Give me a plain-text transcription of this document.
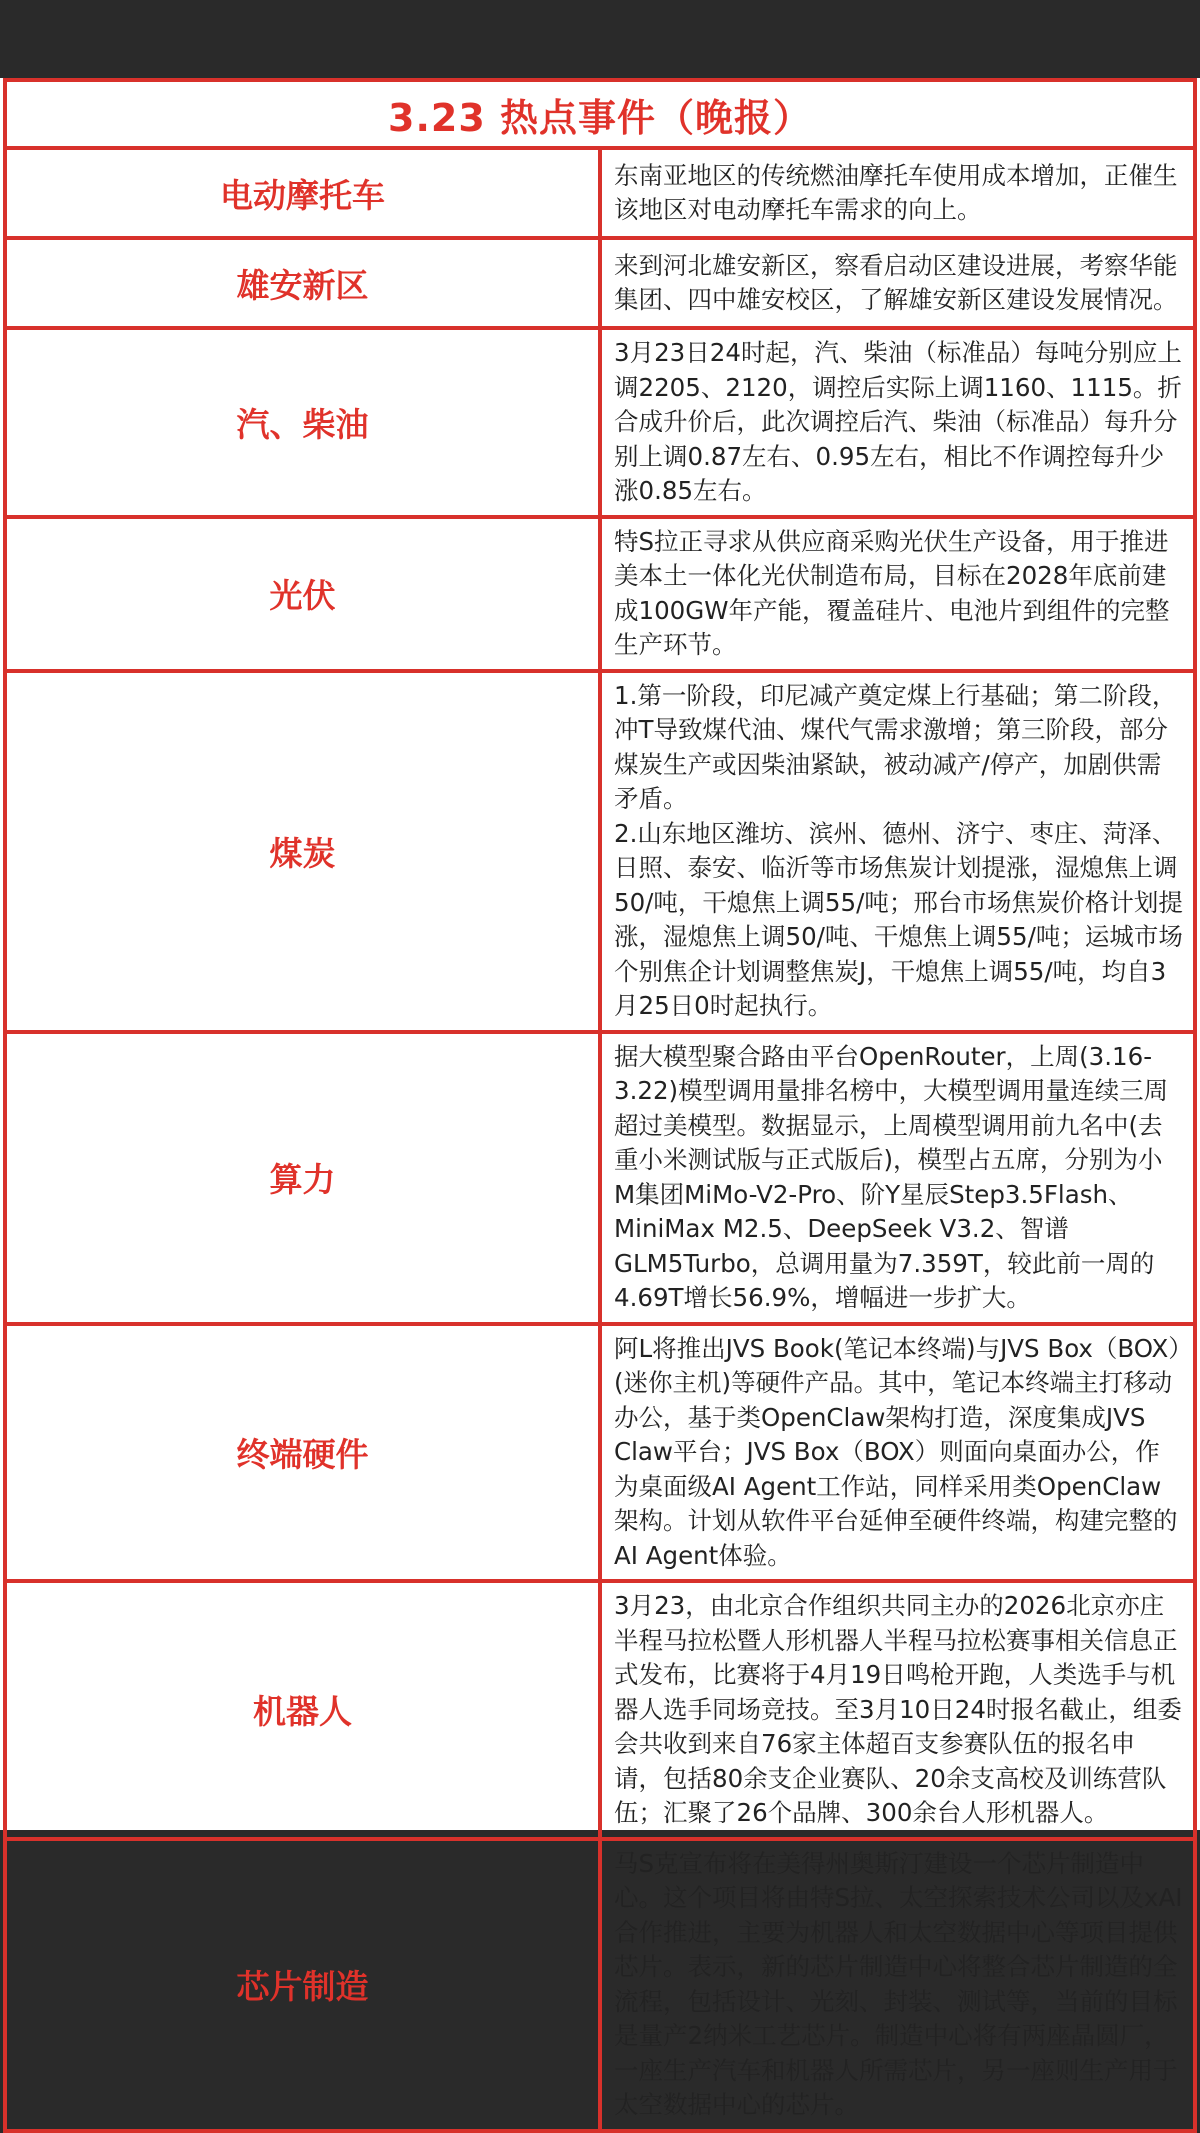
3.23 热点事件（晚报）	
电动摩托车	东南亚地区的传统燃油摩托车使用成本增加，正催生该地区对电动摩托车需求的向上。

雄安新区	来到河北雄安新区，察看启动区建设进展，考察华能集团、四中雄安校区，了解雄安新区建设发展情况。

汽、柴油	3月23日24时起，汽、柴油（标准品）每吨分别应上调2205、2120，调控后实际上调1160、1115。折合成升价后，此次调控后汽、柴油（标准品）每升分别上调0.87左右、0.95左右，相比不作调控每升少涨0.85左右。

光伏	特S拉正寻求从供应商采购光伏生产设备，用于推进美本土一体化光伏制造布局，目标在2028年底前建成100GW年产能，覆盖硅片、电池片到组件的完整生产环节。

煤炭	1.第一阶段，印尼减产奠定煤上行基础；第二阶段，冲T导致煤代油、煤代气需求激增；第三阶段，部分煤炭生产或因柴油紧缺，被动减产/停产，加剧供需矛盾。

2.山东地区潍坊、滨州、德州、济宁、枣庄、菏泽、日照、泰安、临沂等市场焦炭计划提涨，湿熄焦上调50/吨，干熄焦上调55/吨；邢台市场焦炭价格计划提涨，湿熄焦上调50/吨、干熄焦上调55/吨；运城市场个别焦企计划调整焦炭J，干熄焦上调55/吨，均自3月25日0时起执行。

算力	据大模型聚合路由平台OpenRouter，上周(3.16-3.22)模型调用量排名榜中，大模型调用量连续三周超过美模型。数据显示，上周模型调用前九名中(去重小米测试版与正式版后)，模型占五席，分别为小M集团MiMo-V2-Pro、阶Y星辰Step3.5Flash、MiniMax M2.5、DeepSeek V3.2、智谱GLM5Turbo，总调用量为7.359T，较此前一周的4.69T增长56.9%，增幅进一步扩大。

终端硬件	阿L将推出JVS Book(笔记本终端)与JVS Box（BOX）(迷你主机)等硬件产品。其中，笔记本终端主打移动办公，基于类OpenClaw架构打造，深度集成JVS Claw平台；JVS Box（BOX）则面向桌面办公，作为桌面级AI Agent工作站，同样采用类OpenClaw架构。计划从软件平台延伸至硬件终端，构建完整的AI Agent体验。

机器人	3月23，由北京合作组织共同主办的2026北京亦庄半程马拉松暨人形机器人半程马拉松赛事相关信息正式发布，比赛将于4月19日鸣枪开跑，人类选手与机器人选手同场竞技。至3月10日24时报名截止，组委会共收到来自76家主体超百支参赛队伍的报名申请，包括80余支企业赛队、20余支高校及训练营队伍；汇聚了26个品牌、300余台人形机器人。

芯片制造	马S克宣布将在美得州奥斯汀建设一个芯片制造中心。这个项目将由特S拉、太空探索技术公司以及xAI合作推进，主要为机器人和太空数据中心等项目提供芯片。表示，新的芯片制造中心将整合芯片制造的全流程，包括设计、光刻、封装、测试等，当前的目标是量产2纳米工艺芯片。制造中心将有两座晶圆厂，一座生产汽车和机器人所需芯片，另一座则生产用于太空数据中心的芯片。
